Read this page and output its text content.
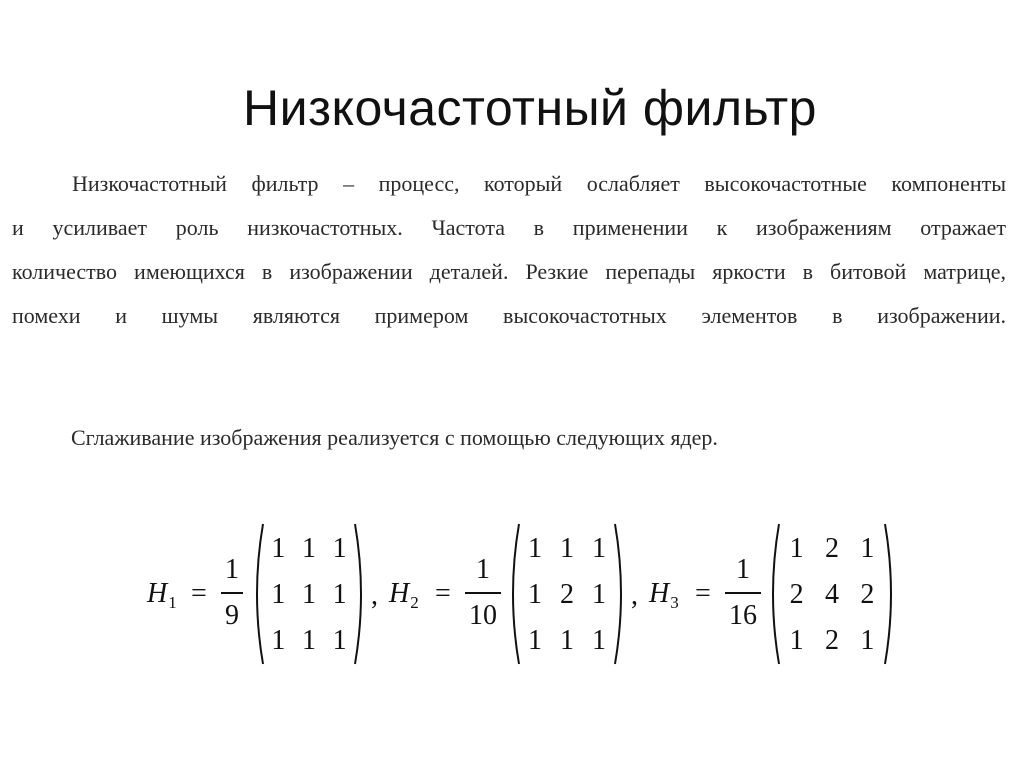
Низкочастотный фильтр
Низкочастотный фильтр – процесс, который ослабляет высокочастотные компоненты
и усиливает роль низкочастотных. Частота в применении к изображениям отражает
количество имеющихся в изображении деталей. Резкие перепады яркости в битовой матрице,
помехи и шумы являются примером высокочастотных элементов в изображении.
Сглаживание изображения реализуется с помощью следующих ядер.
$H_1$ =
1
9
1 1 1
1 1 1
1 1 1
, $H_2$ =
1
10
1 1 1
1 2 1
1 1 1
, $H_3$ =
1
16
1 2 1
2 4 2
1 2 1
